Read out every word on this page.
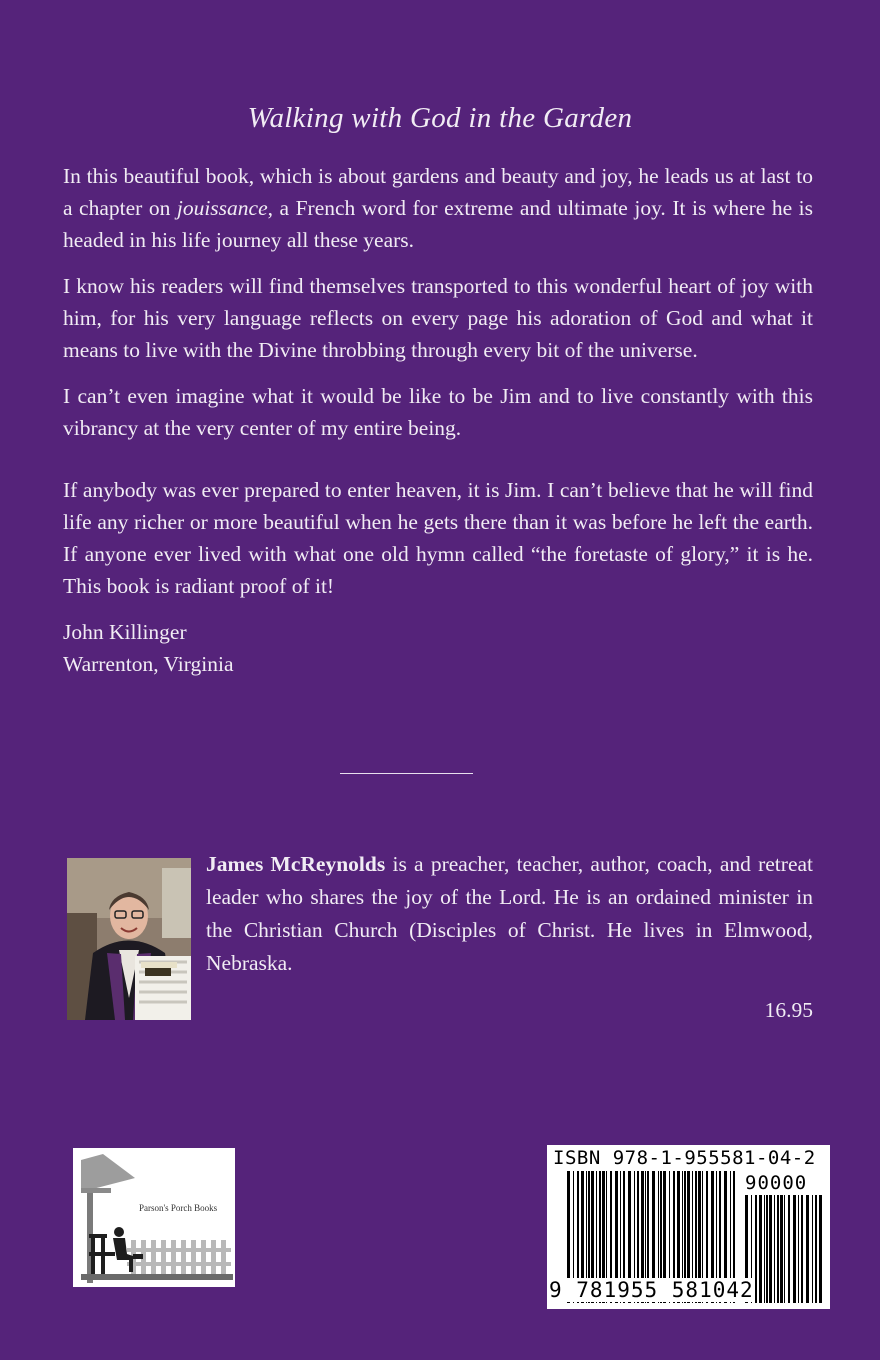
Walking with God in the Garden

In this beautiful book, which is about gardens and beauty and joy, he leads us at last to a chapter on jouissance, a French word for extreme and ultimate joy. It is where he is headed in his life journey all these years.

I know his readers will find themselves transported to this wonderful heart of joy with him, for his very language reflects on every page his adoration of God and what it means to live with the Divine throbbing through every bit of the universe.

I can’t even imagine what it would be like to be Jim and to live constantly with this vibrancy at the very center of my entire being.

If anybody was ever prepared to enter heaven, it is Jim. I can’t believe that he will find life any richer or more beautiful when he gets there than it was before he left the earth. If anyone ever lived with what one old hymn called “the foretaste of glory,” it is he. This book is radiant proof of it!

John Killinger
Warrenton, Virginia
James McReynolds is a preacher, teacher, author, coach, and retreat leader who shares the joy of the Lord. He is an ordained minister in the Christian Church (Disciples of Christ. He lives in Elmwood, Nebraska.
16.95
Parson's Porch Books
ISBN 978-1-955581-04-2
90000
9 781955 581042
